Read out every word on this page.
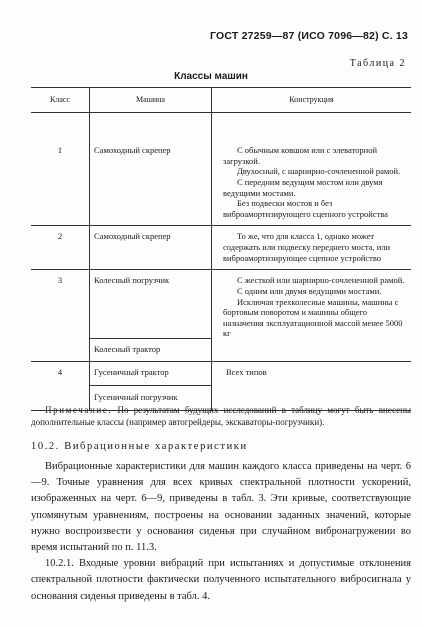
ГОСТ 27259—87 (ИСО 7096—82) С. 13
Таблица 2
Классы машин
Класс	Машина	Конструкция
1	Самоходный скрепер	С обычным ковшом или с элеваторной загрузкой.

Двухосный, с шарнирно-сочлененной рамой.

С передним ведущим мостом или двумя ведущими мостами.

Без подвески мостов и без виброамортизирующего сцепного устройства

2	Самоходный скрепер	То же, что для класса 1, однако может содержать или подвеску переднего моста, или виброамортизирующее сцепное устройство

3	Колесный погрузчик	С жесткой или шарнирно-сочлененной рамой.

С одним или двумя ведущими мостами.

Исключая трехколесные машины, машины с бортовым поворотом и машины общего назначения эксплуатационной массой менее 5000 кг

	Колесный трактор	
4	Гусеничный трактор	Всех типов

	Гусеничный погрузчик	
Примечание. По результатам будущих исследований в таблицу могут быть внесены дополнительные классы (например автогрейдеры, экскаваторы-погрузчики).
10.2. Вибрационные характеристики

Вибрационные характеристики для машин каждого класса приведены на черт. 6—9. Точные уравнения для всех кривых спектральной плотности ускорений, изображенных на черт. 6—9, приведены в табл. 3. Эти кривые, соответствующие упомянутым уравнениям, построены на основании заданных значений, которые нужно воспроизвести у основания сиденья при случайном вибронагружении во время испытаний по п. 11.3.

10.2.1. Входные уровни вибраций при испытаниях и допустимые отклонения спектральной плотности фактически полученного испытательного вибросигнала у основания сиденья приведены в табл. 4.
